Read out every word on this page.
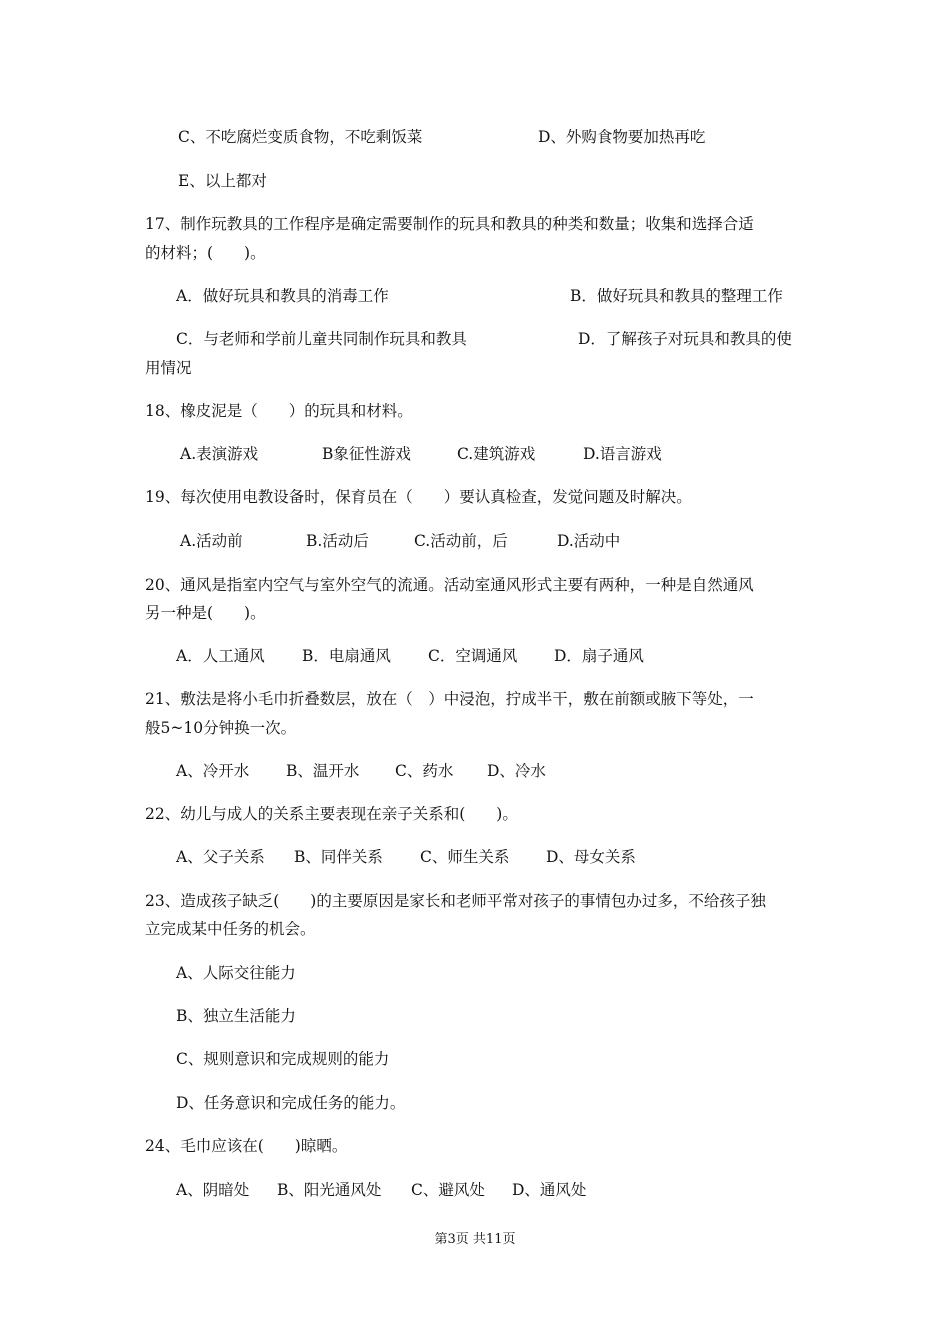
C、不吃腐烂变质食物，不吃剩饭菜	D、外购食物要加热再吃
E、以上都对
17、制作玩教具的工作程序是确定需要制作的玩具和教具的种类和数量；收集和选择合适
的材料；(　　)。
A．做好玩具和教具的消毒工作	B．做好玩具和教具的整理工作
C．与老师和学前儿童共同制作玩具和教具	D．了解孩子对玩具和教具的使
用情况
18、橡皮泥是（　　）的玩具和材料。
A.表演游戏	B象征性游戏	C.建筑游戏	D.语言游戏
19、每次使用电教设备时，保育员在（　　）要认真检查，发觉问题及时解决。
A.活动前	B.活动后	C.活动前，后	D.活动中
20、通风是指室内空气与室外空气的流通。活动室通风形式主要有两种，一种是自然通风
另一种是(　　)。
A．人工通风 B．电扇通风 C．空调通风 D．扇子通风
21、敷法是将小毛巾折叠数层，放在（　）中浸泡，拧成半干，敷在前额或腋下等处，一
般5~10分钟换一次。
A、冷开水 B、温开水 C、药水 D、冷水
22、幼儿与成人的关系主要表现在亲子关系和(　　)。
A、父子关系 B、同伴关系 C、师生关系 D、母女关系
23、造成孩子缺乏(　　)的主要原因是家长和老师平常对孩子的事情包办过多，不给孩子独
立完成某中任务的机会。
A、人际交往能力
B、独立生活能力
C、规则意识和完成规则的能力
D、任务意识和完成任务的能力。
24、毛巾应该在(　　)晾晒。
A、阴暗处 B、阳光通风处 C、避风处 D、通风处
第3页 共11页
